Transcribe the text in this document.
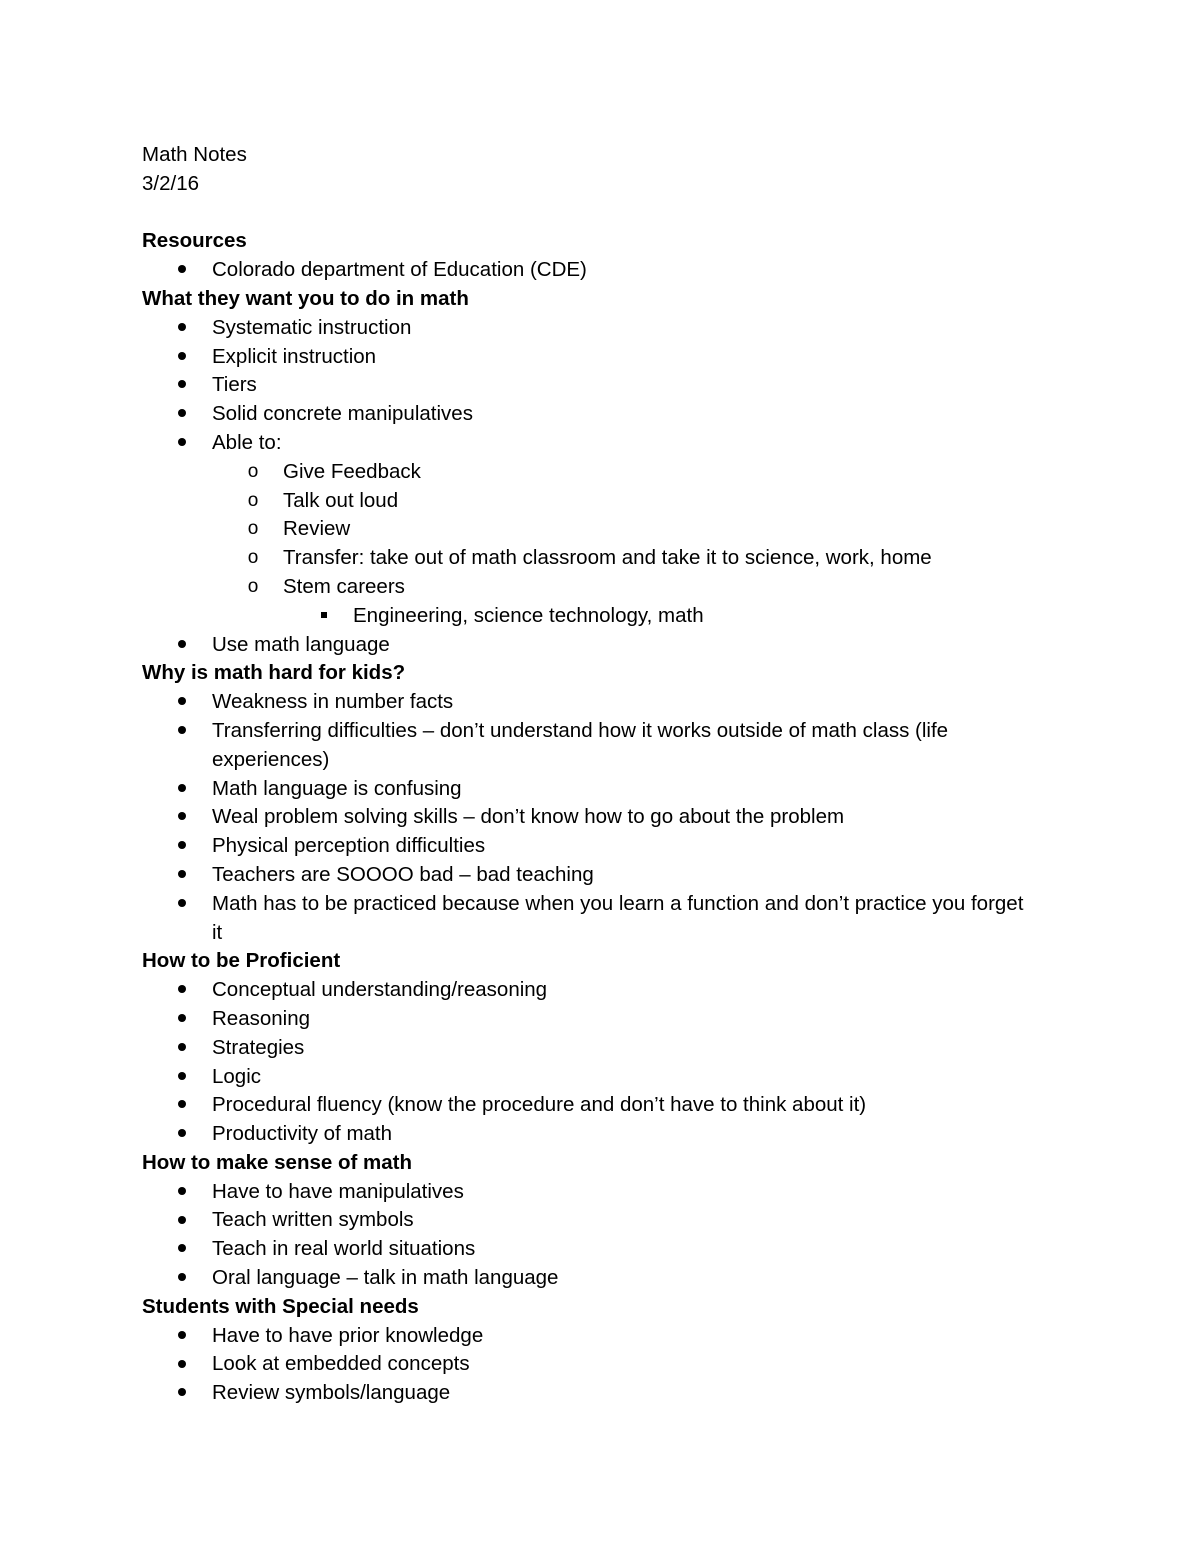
Math Notes
3/2/16
Resources
Colorado department of Education (CDE)
What they want you to do in math
Systematic instruction
Explicit instruction
Tiers
Solid concrete manipulatives
Able to:
o Give Feedback
o Talk out loud
o Review
o Transfer: take out of math classroom and take it to science, work, home
o Stem careers
Engineering, science technology, math
Use math language
Why is math hard for kids?
Weakness in number facts
Transferring difficulties – don’t understand how it works outside of math class (life experiences)
Math language is confusing
Weal problem solving skills – don’t know how to go about the problem
Physical perception difficulties
Teachers are SOOOO bad – bad teaching
Math has to be practiced because when you learn a function and don’t practice you forget it
How to be Proficient
Conceptual understanding/reasoning
Reasoning
Strategies
Logic
Procedural fluency (know the procedure and don’t have to think about it)
Productivity of math
How to make sense of math
Have to have manipulatives
Teach written symbols
Teach in real world situations
Oral language – talk in math language
Students with Special needs
Have to have prior knowledge
Look at embedded concepts
Review symbols/language
